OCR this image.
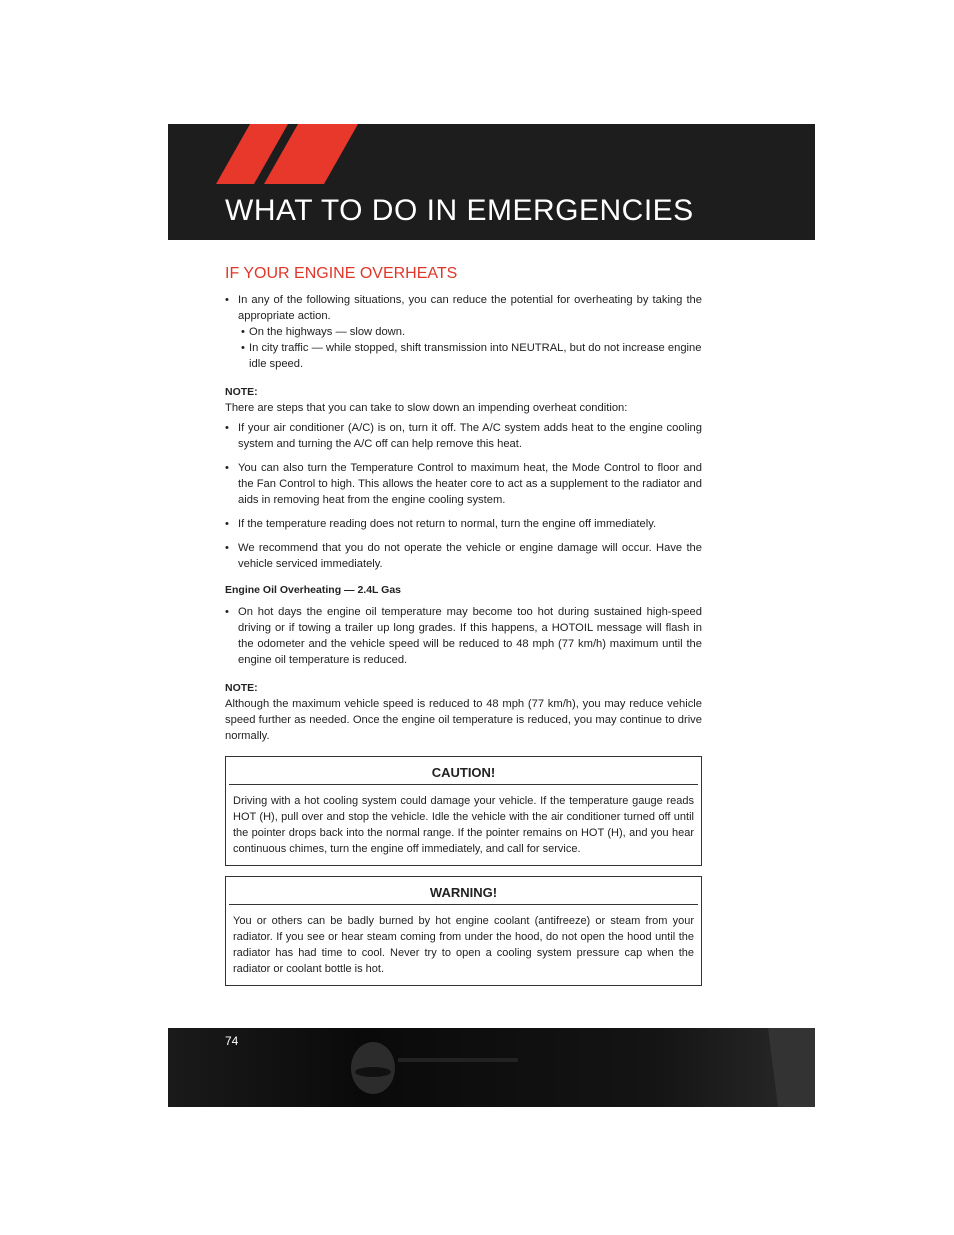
WHAT TO DO IN EMERGENCIES
IF YOUR ENGINE OVERHEATS
• In any of the following situations, you can reduce the potential for overheating by taking the appropriate action.
• On the highways — slow down.
• In city traffic — while stopped, shift transmission into NEUTRAL, but do not increase engine idle speed.
NOTE:
There are steps that you can take to slow down an impending overheat condition:
• If your air conditioner (A/C) is on, turn it off. The A/C system adds heat to the engine cooling system and turning the A/C off can help remove this heat.
• You can also turn the Temperature Control to maximum heat, the Mode Control to floor and the Fan Control to high. This allows the heater core to act as a supplement to the radiator and aids in removing heat from the engine cooling system.
• If the temperature reading does not return to normal, turn the engine off immediately.
• We recommend that you do not operate the vehicle or engine damage will occur. Have the vehicle serviced immediately.
Engine Oil Overheating — 2.4L Gas
• On hot days the engine oil temperature may become too hot during sustained high-speed driving or if towing a trailer up long grades. If this happens, a HOTOIL message will flash in the odometer and the vehicle speed will be reduced to 48 mph (77 km/h) maximum until the engine oil temperature is reduced.
NOTE:
Although the maximum vehicle speed is reduced to 48 mph (77 km/h), you may reduce vehicle speed further as needed. Once the engine oil temperature is reduced, you may continue to drive normally.
CAUTION!
Driving with a hot cooling system could damage your vehicle. If the temperature gauge reads HOT (H), pull over and stop the vehicle. Idle the vehicle with the air conditioner turned off until the pointer drops back into the normal range. If the pointer remains on HOT (H), and you hear continuous chimes, turn the engine off immediately, and call for service.
WARNING!
You or others can be badly burned by hot engine coolant (antifreeze) or steam from your radiator. If you see or hear steam coming from under the hood, do not open the hood until the radiator has had time to cool. Never try to open a cooling system pressure cap when the radiator or coolant bottle is hot.
74
